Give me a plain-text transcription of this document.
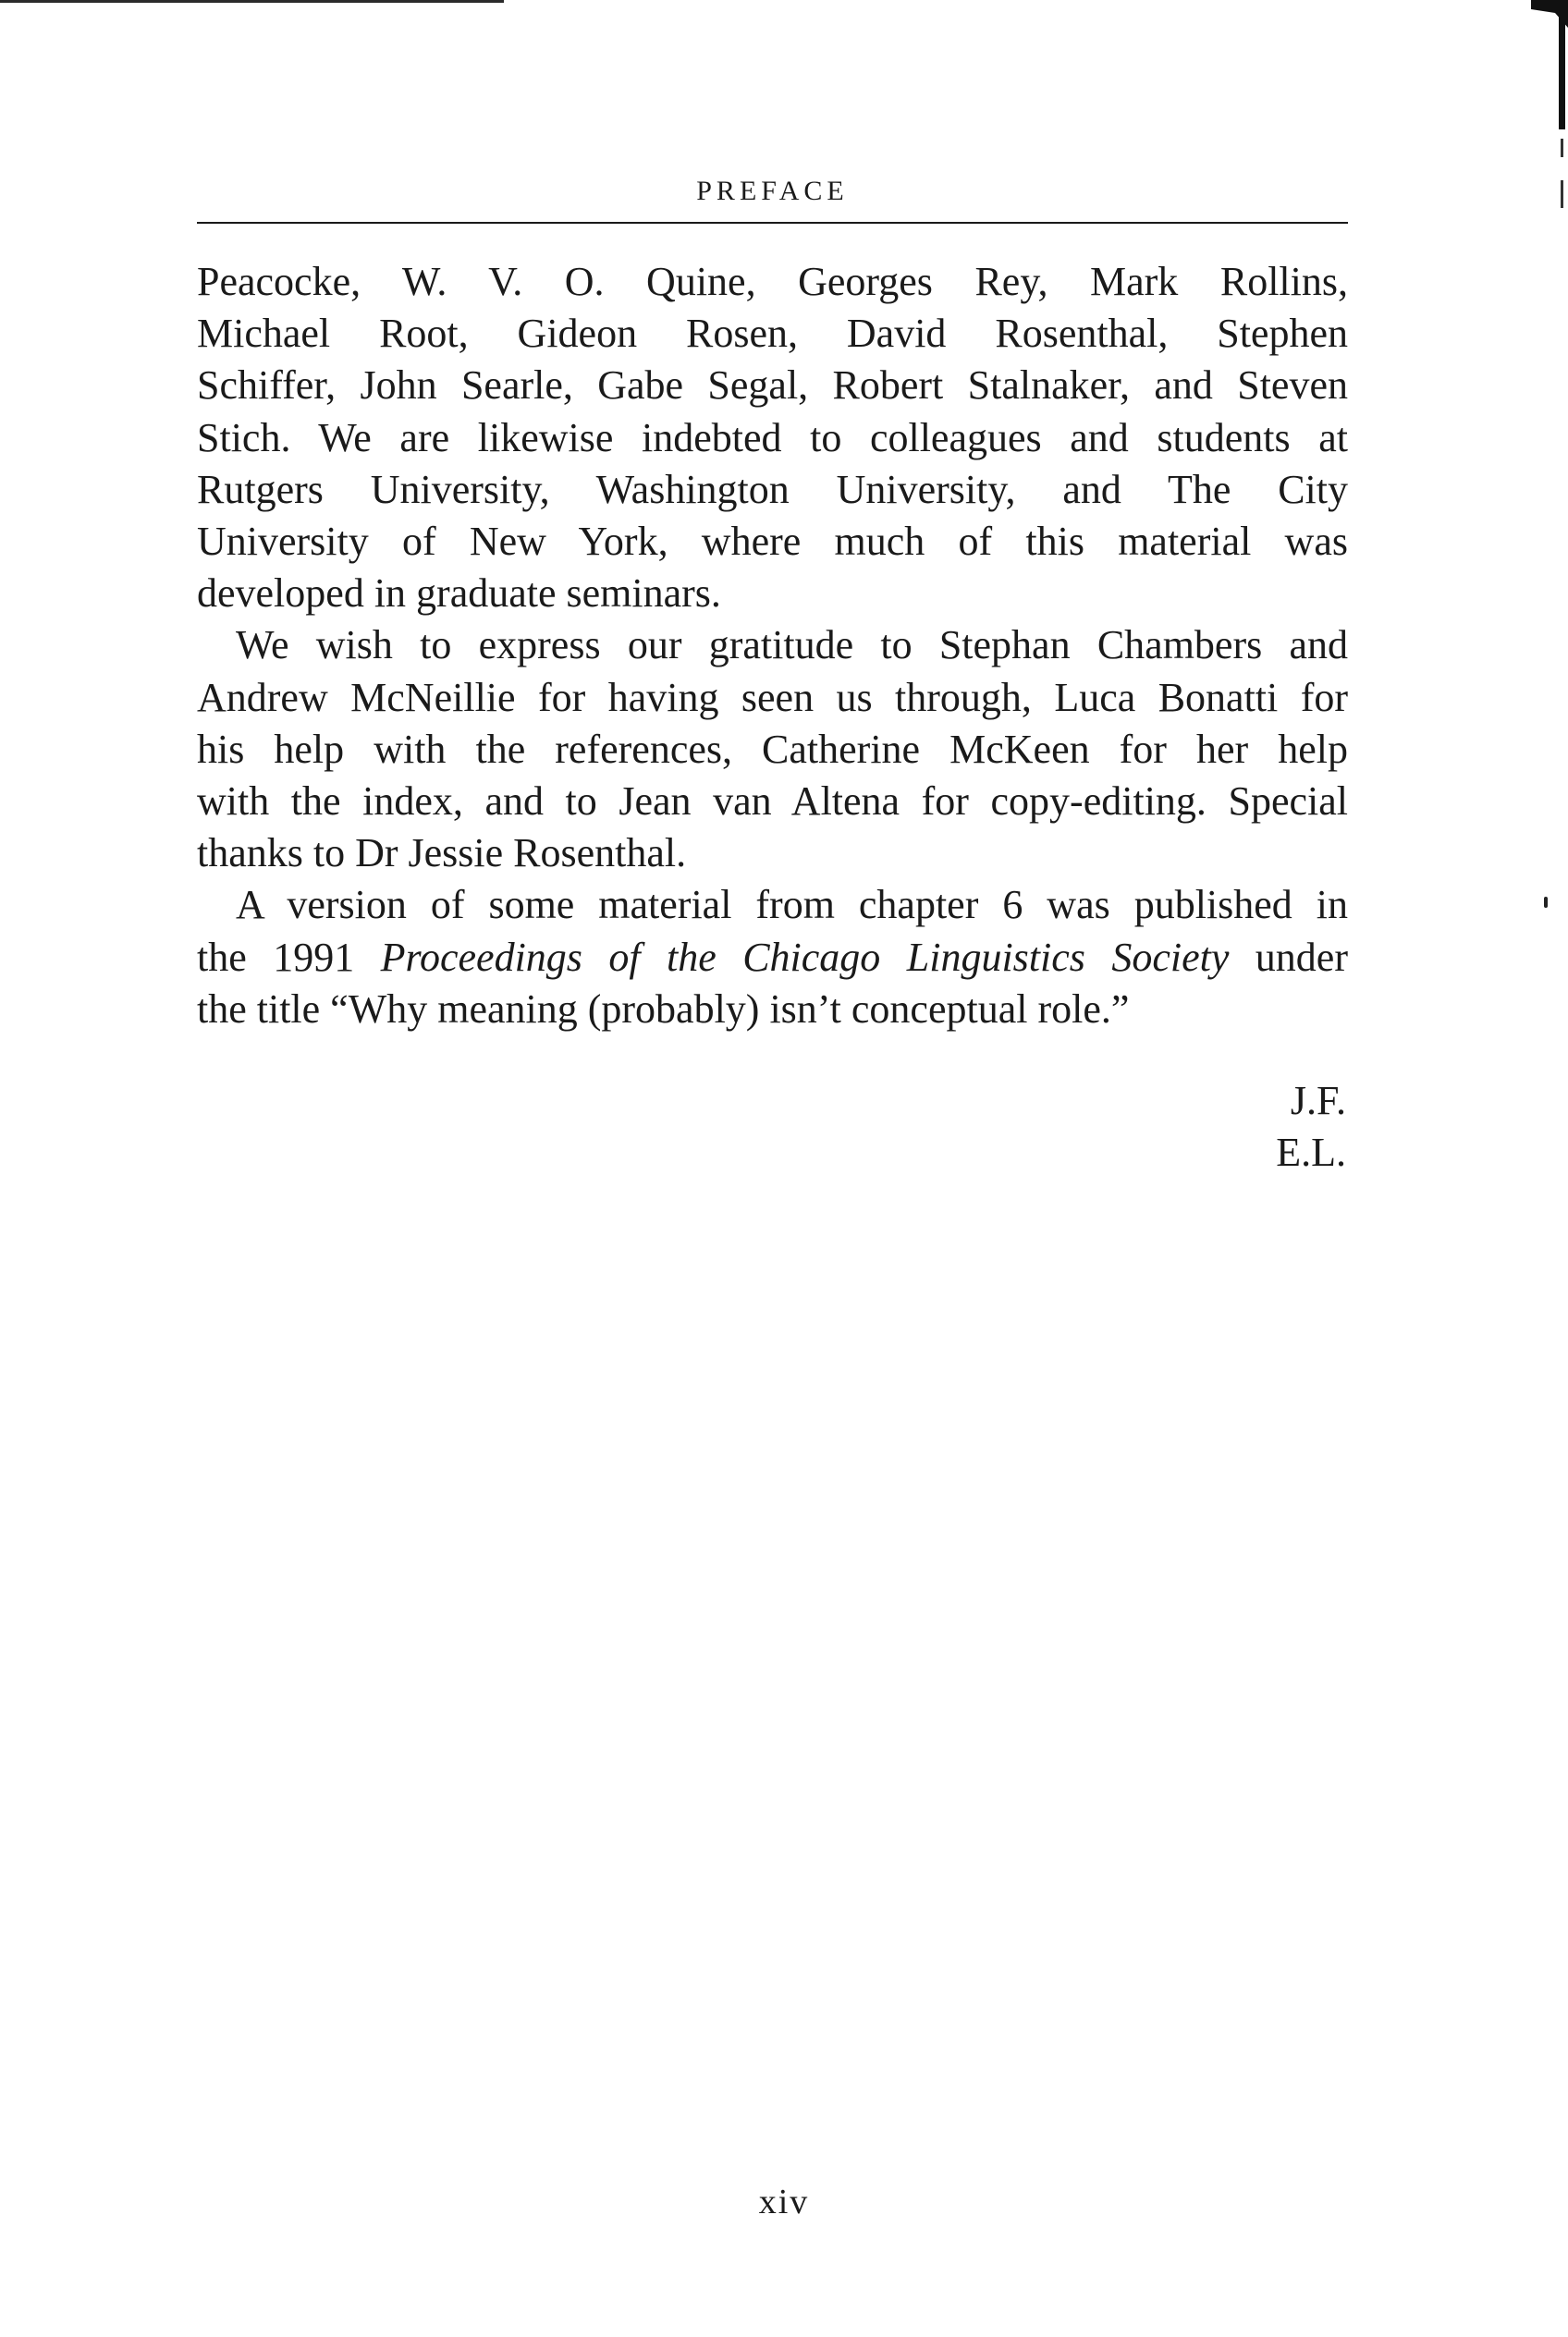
PREFACE
Peacocke, W. V. O. Quine, Georges Rey, Mark Rollins,
Michael Root, Gideon Rosen, David Rosenthal, Stephen
Schiffer, John Searle, Gabe Segal, Robert Stalnaker, and Steven
Stich. We are likewise indebted to colleagues and students at
Rutgers University, Washington University, and The City
University of New York, where much of this material was
developed in graduate seminars.
We wish to express our gratitude to Stephan Chambers and
Andrew McNeillie for having seen us through, Luca Bonatti for
his help with the references, Catherine McKeen for her help
with the index, and to Jean van Altena for copy-editing. Special
thanks to Dr Jessie Rosenthal.
A version of some material from chapter 6 was published in
the 1991 Proceedings of the Chicago Linguistics Society under
the title “Why meaning (probably) isn’t conceptual role.”
J.F.
E.L.
xiv
